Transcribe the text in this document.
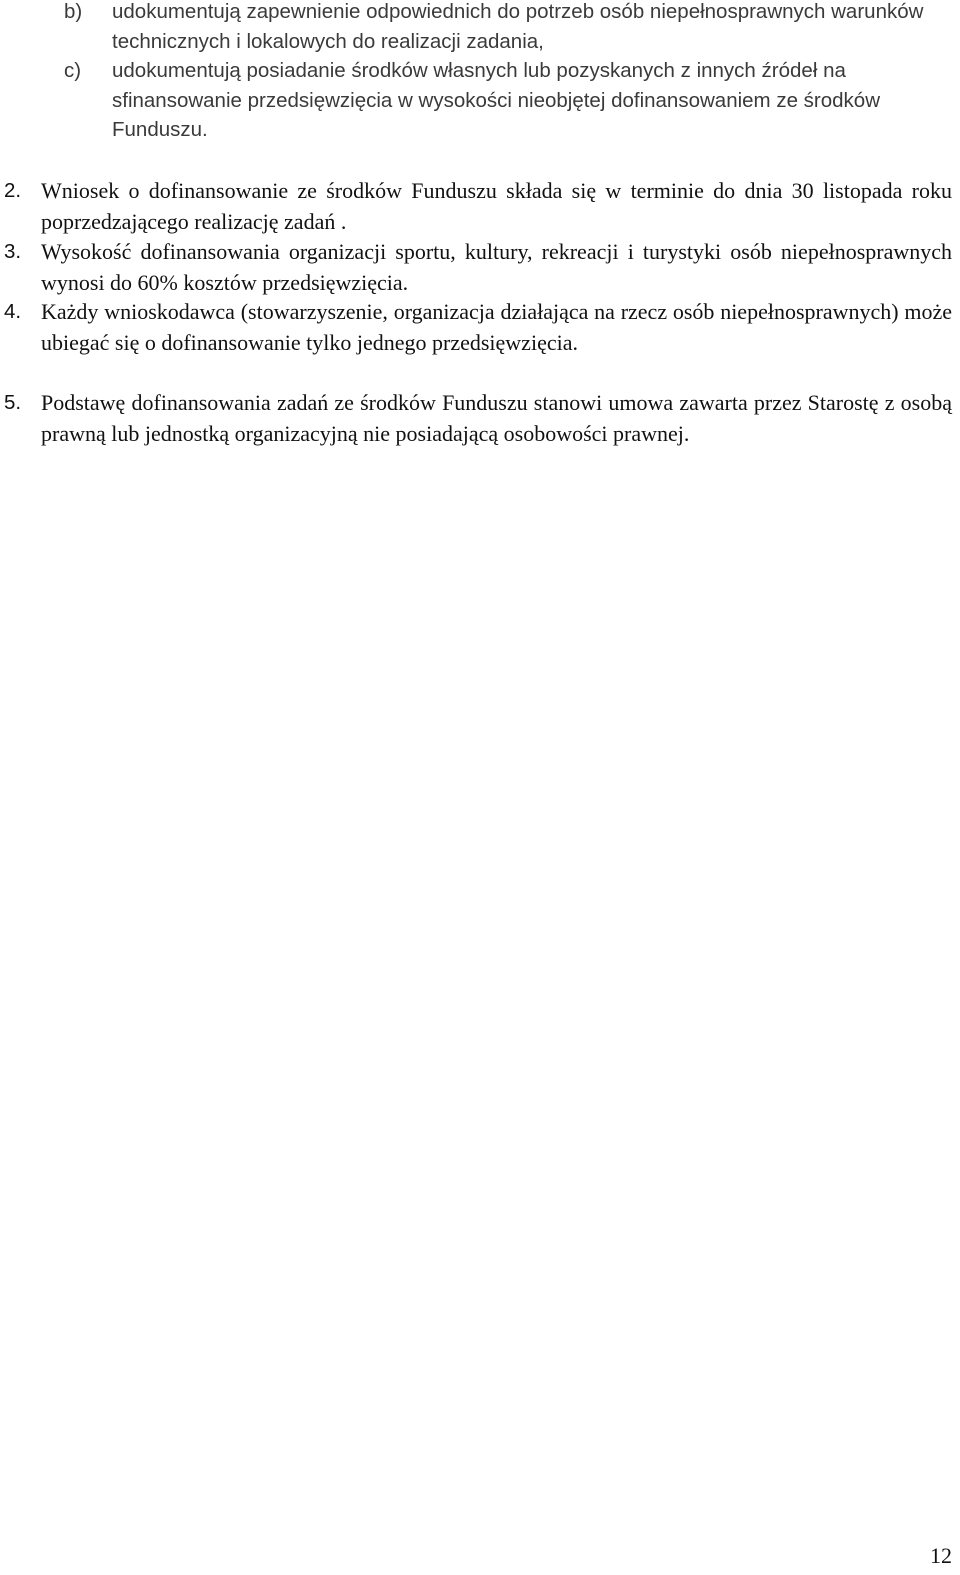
b) udokumentują zapewnienie odpowiednich do potrzeb osób niepełnosprawnych warunków technicznych i lokalowych do realizacji zadania,
c) udokumentują posiadanie środków własnych lub pozyskanych z innych źródeł na sfinansowanie przedsięwzięcia w wysokości nieobjętej dofinansowaniem ze środków Funduszu.
2. Wniosek o dofinansowanie ze środków Funduszu składa się w terminie do dnia 30 listopada roku poprzedzającego realizację zadań .
3. Wysokość dofinansowania organizacji sportu, kultury, rekreacji i turystyki osób niepełnosprawnych wynosi do 60% kosztów przedsięwzięcia.
4. Każdy wnioskodawca (stowarzyszenie, organizacja działająca na rzecz osób niepełnosprawnych) może ubiegać się o dofinansowanie tylko jednego przedsięwzięcia.
5. Podstawę dofinansowania zadań ze środków Funduszu stanowi umowa zawarta przez Starostę z osobą prawną lub jednostką organizacyjną nie posiadającą osobowości prawnej.
12
